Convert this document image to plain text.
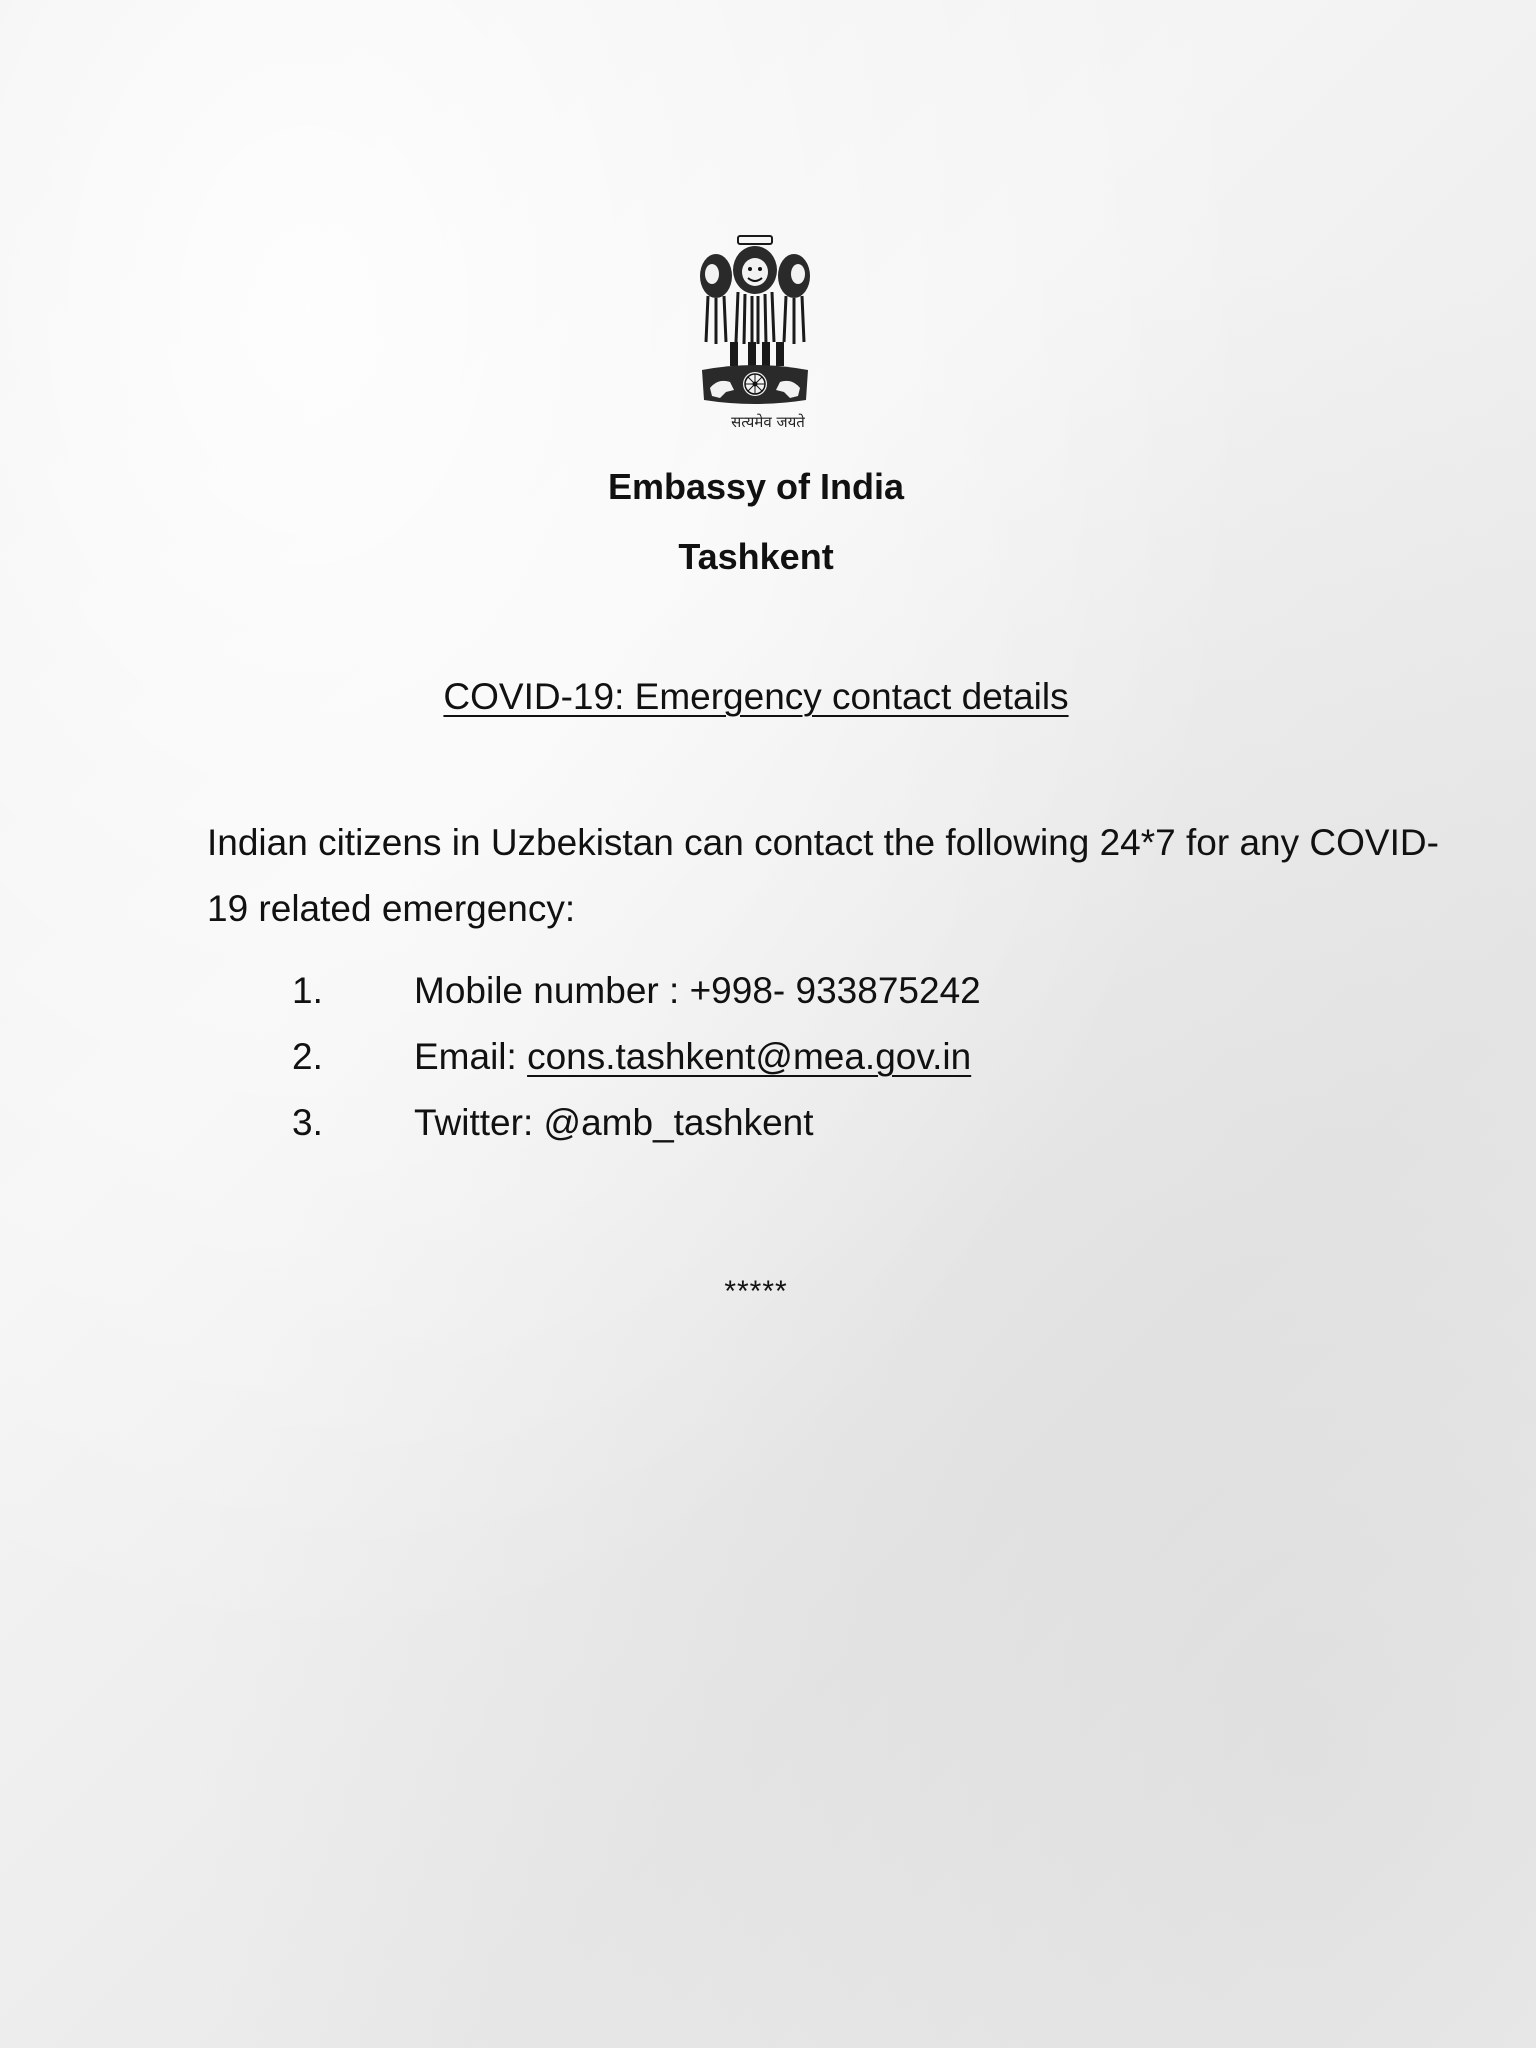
सत्यमेव जयते
Embassy of India
Tashkent
COVID-19: Emergency contact details
Indian citizens in Uzbekistan can contact the following 24*7 for any COVID-19 related emergency:
1. Mobile number : +998- 933875242
2. Email: cons.tashkent@mea.gov.in
3. Twitter: @amb_tashkent
*****
